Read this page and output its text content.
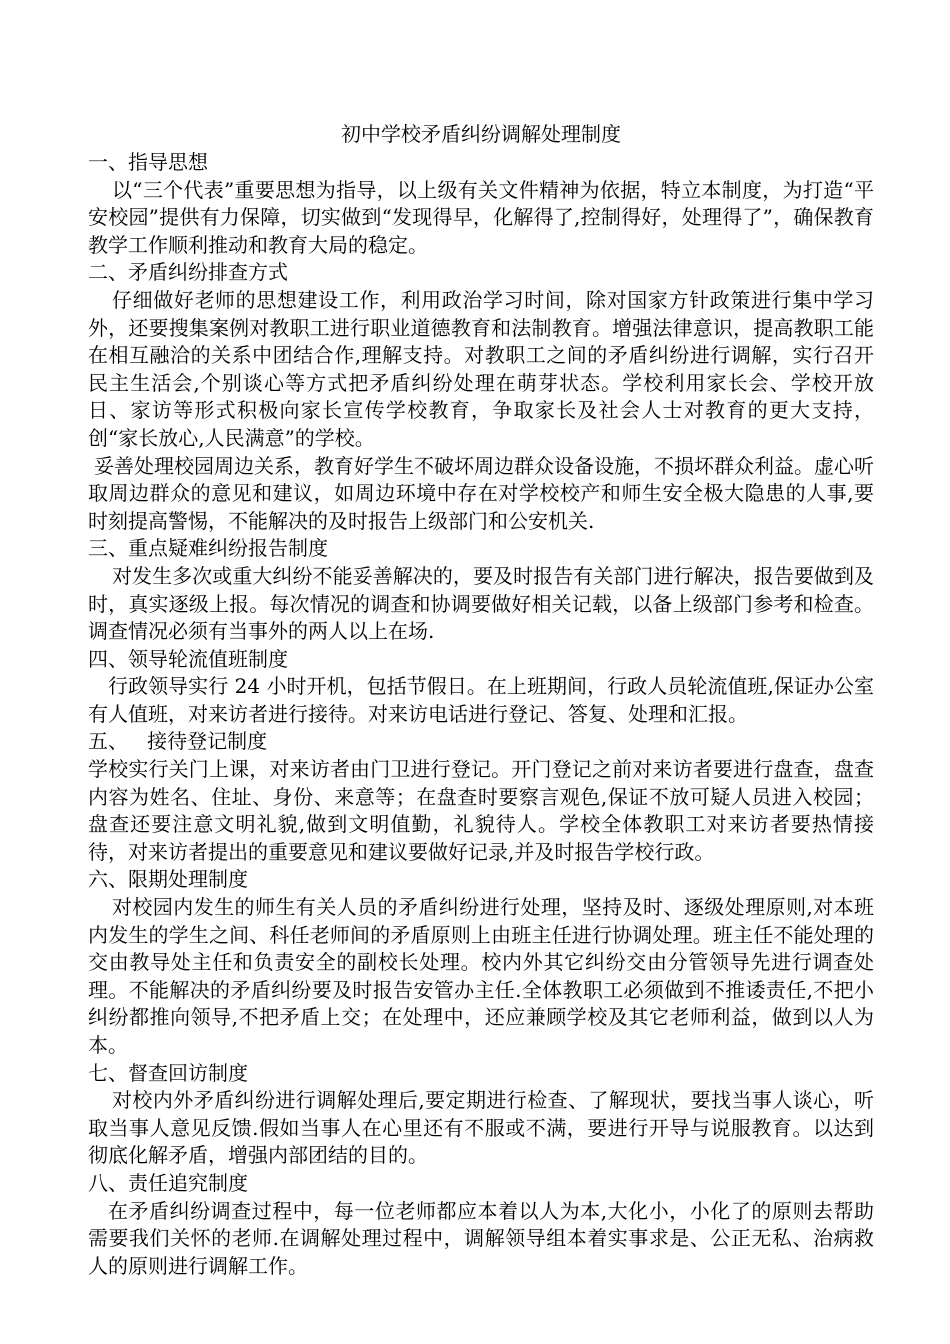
初中学校矛盾纠纷调解处理制度
一、指导思想

以“三个代表”重要思想为指导，以上级有关文件精神为依据，特立本制度，为打造“平安校园”提供有力保障，切实做到“发现得早，化解得了,控制得好，处理得了”，确保教育教学工作顺利推动和教育大局的稳定。

二、矛盾纠纷排查方式

仔细做好老师的思想建设工作，利用政治学习时间，除对国家方针政策进行集中学习外，还要搜集案例对教职工进行职业道德教育和法制教育。增强法律意识，提高教职工能在相互融洽的关系中团结合作,理解支持。对教职工之间的矛盾纠纷进行调解，实行召开民主生活会,个别谈心等方式把矛盾纠纷处理在萌芽状态。学校利用家长会、学校开放日、家访等形式积极向家长宣传学校教育，争取家长及社会人士对教育的更大支持，创“家长放心,人民满意”的学校。

妥善处理校园周边关系，教育好学生不破坏周边群众设备设施，不损坏群众利益。虚心听取周边群众的意见和建议，如周边环境中存在对学校校产和师生安全极大隐患的人事,要时刻提高警惕，不能解决的及时报告上级部门和公安机关.

三、重点疑难纠纷报告制度

对发生多次或重大纠纷不能妥善解决的，要及时报告有关部门进行解决，报告要做到及时，真实逐级上报。每次情况的调查和协调要做好相关记载，以备上级部门参考和检查。调查情况必须有当事外的两人以上在场.

四、领导轮流值班制度

行政领导实行 24 小时开机，包括节假日。在上班期间，行政人员轮流值班,保证办公室有人值班，对来访者进行接待。对来访电话进行登记、答复、处理和汇报。

五、   接待登记制度

学校实行关门上课，对来访者由门卫进行登记。开门登记之前对来访者要进行盘查，盘查内容为姓名、住址、身份、来意等；在盘查时要察言观色,保证不放可疑人员进入校园；盘查还要注意文明礼貌,做到文明值勤，礼貌待人。学校全体教职工对来访者要热情接待，对来访者提出的重要意见和建议要做好记录,并及时报告学校行政。

六、限期处理制度

对校园内发生的师生有关人员的矛盾纠纷进行处理，坚持及时、逐级处理原则,对本班内发生的学生之间、科任老师间的矛盾原则上由班主任进行协调处理。班主任不能处理的交由教导处主任和负责安全的副校长处理。校内外其它纠纷交由分管领导先进行调查处理。不能解决的矛盾纠纷要及时报告安管办主任.全体教职工必须做到不推诿责任,不把小纠纷都推向领导,不把矛盾上交；在处理中，还应兼顾学校及其它老师利益，做到以人为本。

七、督查回访制度

对校内外矛盾纠纷进行调解处理后,要定期进行检查、了解现状，要找当事人谈心，听取当事人意见反馈.假如当事人在心里还有不服或不满，要进行开导与说服教育。以达到彻底化解矛盾，增强内部团结的目的。

八、责任追究制度

在矛盾纠纷调查过程中，每一位老师都应本着以人为本,大化小，小化了的原则去帮助需要我们关怀的老师.在调解处理过程中，调解领导组本着实事求是、公正无私、治病救人的原则进行调解工作。
